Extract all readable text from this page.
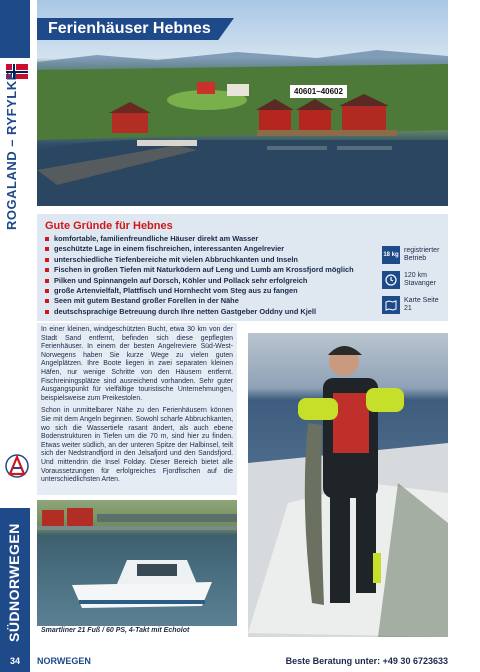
SÜDNORWEGEN
Ferienhäuser Hebnes
40601–40602
Gute Gründe für Hebnes
komfortable, familienfreundliche Häuser direkt am Wasser
geschützte Lage in einem fischreichen, interessanten Angelrevier
unterschiedliche Tiefenbereiche mit vielen Abbruchkanten und Inseln
Fischen in großen Tiefen mit Naturködern auf Leng und Lumb am Krossfjord möglich
Pilken und Spinnangeln auf Dorsch, Köhler und Pollack sehr erfolgreich
große Artenvielfalt, Plattfisch und Hornhecht vom Steg aus zu fangen
Seen mit gutem Bestand großer Forellen in der Nähe
deutschsprachige Betreuung durch Ihre netten Gastgeber Oddny und Kjell
18 kg
registrierter Betrieb
120 km Stavanger
Karte Seite 21

In einer kleinen, windgeschützten Bucht, etwa 30 km von der Stadt Sand entfernt, befinden sich diese gepflegten Ferienhäuser. In einem der besten Angelreviere Süd-West-Norwegens haben Sie kurze Wege zu vielen guten Angelplätzen. Ihre Boote liegen in zwei separaten kleinen Häfen, nur wenige Schritte von den Häusern entfernt. Fischreiningsplätze sind ausreichend vorhanden. Sehr guter Ausgangspunkt für vielfältige touristische Unternehmungen, beispielsweise zum Preikestolen.

Schon in unmittelbarer Nähe zu den Ferienhäusern können Sie mit dem Angeln beginnen. Sowohl scharfe Abbruchkanten, wo sich die Wassertiefe rasant ändert, als auch ebene Bodenstrukturen in Tiefen um die 70 m, sind hier zu finden. Etwas weiter südlich, an der unteren Spitze der Halbinsel, teilt sich der Nedstrandfjord in den Jelsafjord und den Sandsfjord. Und mittendrin die Insel Foldøy. Dieser Bereich bietet alle Voraussetzungen für erfolgreiches Fjordfischen auf die unterschiedlichsten Arten.

Smartliner 21 Fuß / 60 PS, 4-Takt mit Echolot
34	NORWEGEN	Beste Beratung unter: +49 30 6723633
